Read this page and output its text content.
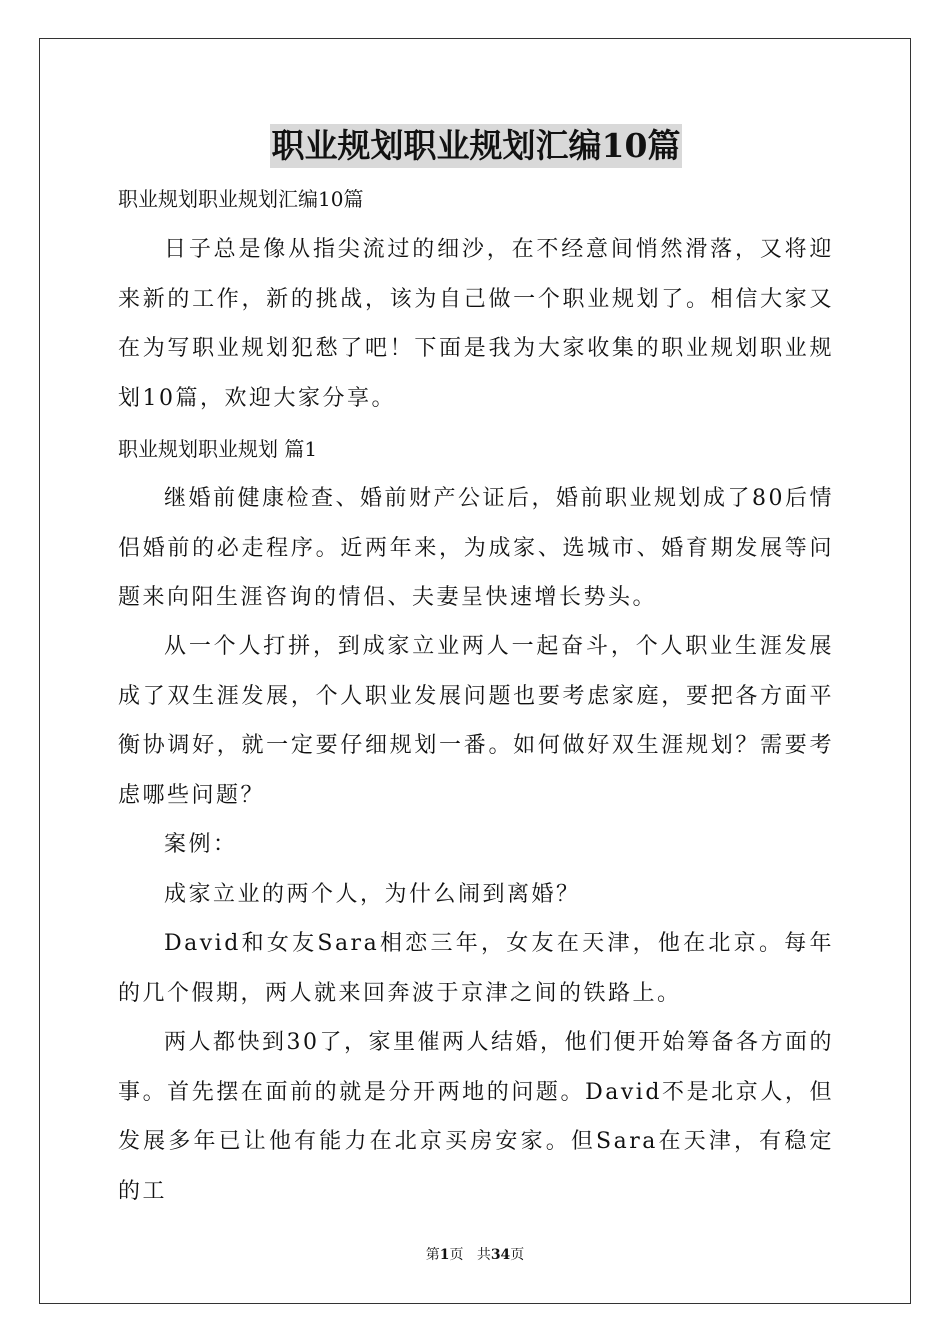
职业规划职业规划汇编10篇
职业规划职业规划汇编10篇
日子总是像从指尖流过的细沙，在不经意间悄然滑落，又将迎来新的工作，新的挑战，该为自己做一个职业规划了。相信大家又在为写职业规划犯愁了吧！下面是我为大家收集的职业规划职业规划10篇，欢迎大家分享。
职业规划职业规划 篇1
继婚前健康检查、婚前财产公证后，婚前职业规划成了80后情侣婚前的必走程序。近两年来，为成家、选城市、婚育期发展等问题来向阳生涯咨询的情侣、夫妻呈快速增长势头。
从一个人打拼，到成家立业两人一起奋斗，个人职业生涯发展成了双生涯发展，个人职业发展问题也要考虑家庭，要把各方面平衡协调好，就一定要仔细规划一番。如何做好双生涯规划？需要考虑哪些问题？
案例：
成家立业的两个人，为什么闹到离婚？
David和女友Sara相恋三年，女友在天津，他在北京。每年的几个假期，两人就来回奔波于京津之间的铁路上。
两人都快到30了，家里催两人结婚，他们便开始筹备各方面的事。首先摆在面前的就是分开两地的问题。David不是北京人，但发展多年已让他有能力在北京买房安家。但Sara在天津，有稳定的工
第1页 共34页
